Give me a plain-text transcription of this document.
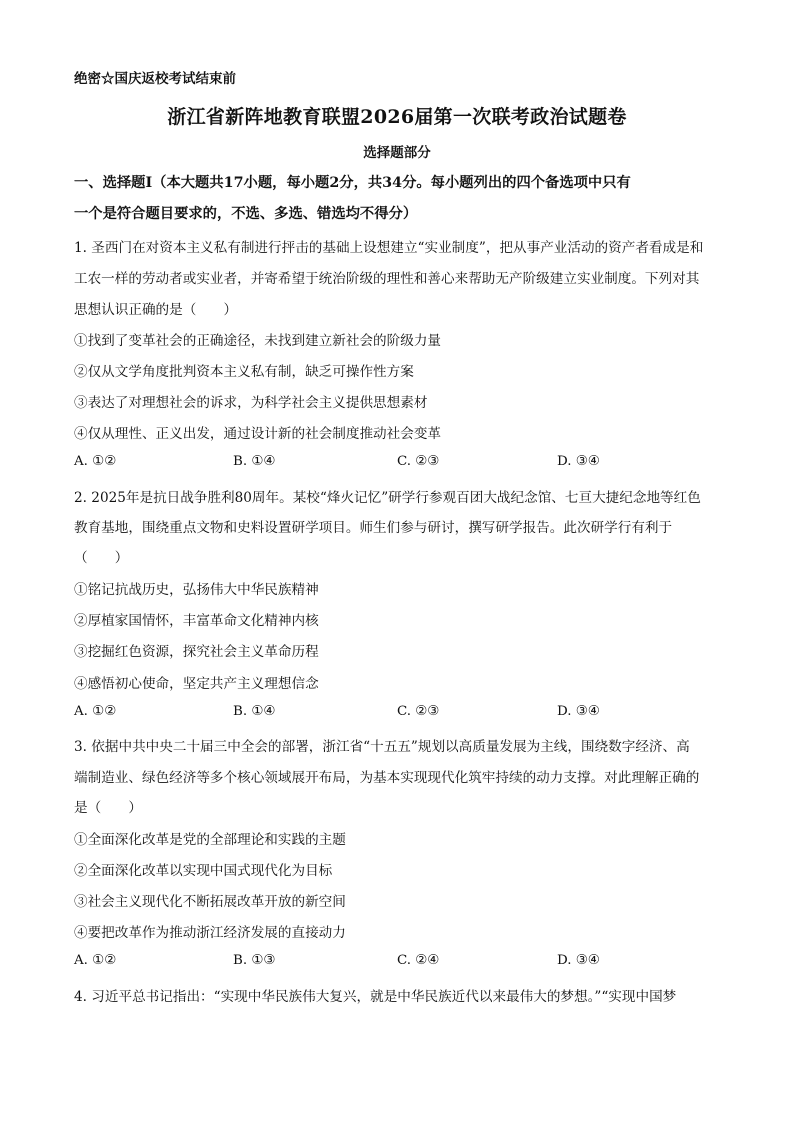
绝密☆国庆返校考试结束前
浙江省新阵地教育联盟2026届第一次联考政治试题卷
选择题部分
一、选择题Ⅰ（本大题共17小题，每小题2分，共34分。每小题列出的四个备选项中只有
一个是符合题目要求的，不选、多选、错选均不得分）
1. 圣西门在对资本主义私有制进行抨击的基础上设想建立“实业制度”，把从事产业活动的资产者看成是和
工农一样的劳动者或实业者，并寄希望于统治阶级的理性和善心来帮助无产阶级建立实业制度。下列对其
思想认识正确的是（　　）
①找到了变革社会的正确途径，未找到建立新社会的阶级力量
②仅从文学角度批判资本主义私有制，缺乏可操作性方案
③表达了对理想社会的诉求，为科学社会主义提供思想素材
④仅从理性、正义出发，通过设计新的社会制度推动社会变革
A. ①②	B. ①④	C. ②③	D. ③④
2. 2025年是抗日战争胜利80周年。某校“烽火记忆”研学行参观百团大战纪念馆、七亘大捷纪念地等红色
教育基地，围绕重点文物和史料设置研学项目。师生们参与研讨，撰写研学报告。此次研学行有利于
（　　）
①铭记抗战历史，弘扬伟大中华民族精神
②厚植家国情怀，丰富革命文化精神内核
③挖掘红色资源，探究社会主义革命历程
④感悟初心使命，坚定共产主义理想信念
A. ①②	B. ①④	C. ②③	D. ③④
3. 依据中共中央二十届三中全会的部署，浙江省“十五五”规划以高质量发展为主线，围绕数字经济、高
端制造业、绿色经济等多个核心领域展开布局，为基本实现现代化筑牢持续的动力支撑。对此理解正确的
是（　　）
①全面深化改革是党的全部理论和实践的主题
②全面深化改革以实现中国式现代化为目标
③社会主义现代化不断拓展改革开放的新空间
④要把改革作为推动浙江经济发展的直接动力
A. ①②	B. ①③	C. ②④	D. ③④
4. 习近平总书记指出：“实现中华民族伟大复兴，就是中华民族近代以来最伟大的梦想。”“实现中国梦
